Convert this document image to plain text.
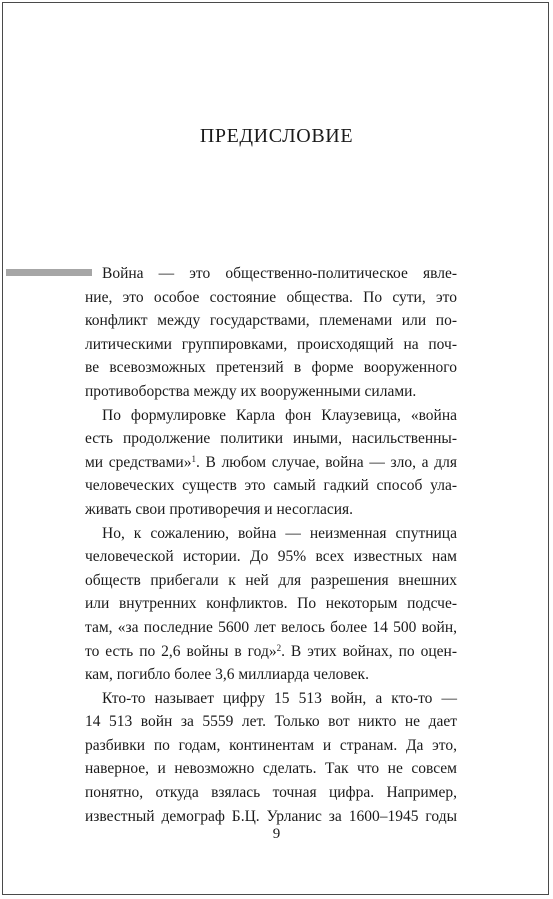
ПРЕДИСЛОВИЕ

Война — это общественно-политическое явле-

ние, это особое состояние общества. По сути, это

конфликт между государствами, племенами или по-

литическими группировками, происходящий на поч-

ве всевозможных претензий в форме вооруженного

противоборства между их вооруженными силами.

По формулировке Карла фон Клаузевица, «война

есть продолжение политики иными, насильственны-

ми средствами»$^1$. В любом случае, война — зло, а для

человеческих существ это самый гадкий способ ула-

живать свои противоречия и несогласия.

Но, к сожалению, война — неизменная спутница

человеческой истории. До 95% всех известных нам

обществ прибегали к ней для разрешения внешних

или внутренних конфликтов. По некоторым подсче-

там, «за последние 5600 лет велось более 14 500 войн,

то есть по 2,6 войны в год»$^2$. В этих войнах, по оцен-

кам, погибло более 3,6 миллиарда человек.

Кто-то называет цифру 15 513 войн, а кто-то —

14 513 войн за 5559 лет. Только вот никто не дает

разбивки по годам, континентам и странам. Да это,

наверное, и невозможно сделать. Так что не совсем

понятно, откуда взялась точная цифра. Например,

известный демограф Б.Ц. Урланис за 1600–1945 годы

9
